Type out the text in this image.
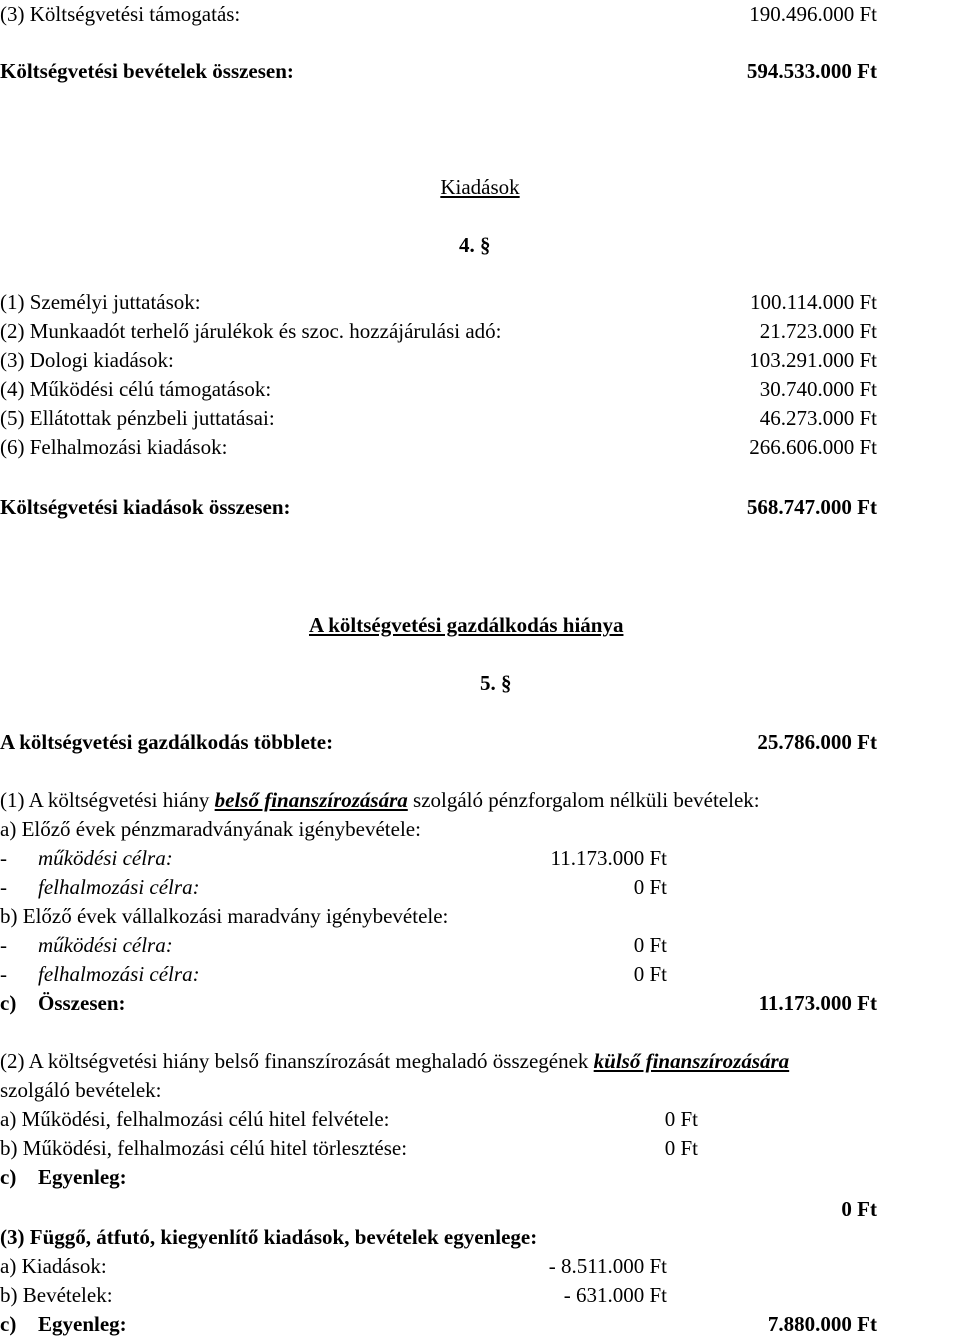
(3) Költségvetési támogatás:	190.496.000 Ft
Költségvetési bevételek összesen:	594.533.000 Ft
Kiadások
4. §
(1) Személyi juttatások:	100.114.000 Ft
(2) Munkaadót terhelő járulékok és szoc. hozzájárulási adó:	21.723.000 Ft
(3) Dologi kiadások:	103.291.000 Ft
(4) Működési célú támogatások:	30.740.000 Ft
(5) Ellátottak pénzbeli juttatásai:	46.273.000 Ft
(6) Felhalmozási kiadások:	266.606.000 Ft
Költségvetési kiadások összesen:	568.747.000 Ft
A költségvetési gazdálkodás hiánya
5. §
A költségvetési gazdálkodás többlete:	25.786.000 Ft
(1) A költségvetési hiány belső finanszírozására szolgáló pénzforgalom nélküli bevételek:
a) Előző évek pénzmaradványának igénybevétele:
- működési célra:	11.173.000 Ft
- felhalmozási célra:	0 Ft
b) Előző évek vállalkozási maradvány igénybevétele:
- működési célra:	0 Ft
- felhalmozási célra:	0 Ft
c) Összesen:	11.173.000 Ft
(2) A költségvetési hiány belső finanszírozását meghaladó összegének külső finanszírozására
szolgáló bevételek:
a) Működési, felhalmozási célú hitel felvétele:	0 Ft
b) Működési, felhalmozási célú hitel törlesztése:	0 Ft
c) Egyenleg:
0 Ft
(3) Függő, átfutó, kiegyenlítő kiadások, bevételek egyenlege:
a) Kiadások:	- 8.511.000 Ft
b) Bevételek:	- 631.000 Ft
c) Egyenleg:	7.880.000 Ft
